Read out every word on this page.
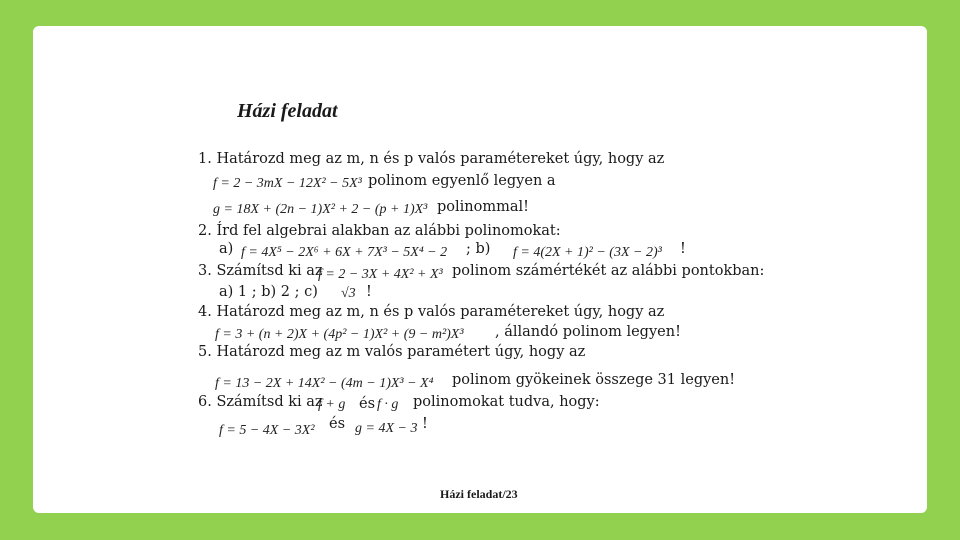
Házi feladat
1. Határozd meg az m, n és p valós paramétereket úgy, hogy az
f = 2 − 3mX − 12X² − 5X³ polinom egyenlő legyen a
g = 18X + (2n − 1)X² + 2 − (p + 1)X³ polinommal!
2. Írd fel algebrai alakban az alábbi polinomokat:
a) f = 4X⁵ − 2X⁶ + 6X + 7X³ − 5X⁴ − 2 ; b) f = 4(2X + 1)² − (3X − 2)³ !
3. Számítsd ki az
f = 2 − 3X + 4X² + X³ polinom számértékét az alábbi pontokban:
a) 1 ; b) 2 ; c) √3 !
4. Határozd meg az m, n és p valós paramétereket úgy, hogy az
f = 3 + (n + 2)X + (4p² − 1)X² + (9 − m²)X³ , állandó polinom legyen!
5. Határozd meg az m valós paramétert úgy, hogy az
f = 13 − 2X + 14X² − (4m − 1)X³ − X⁴ polinom gyökeinek összege 31 legyen!
6. Számítsd ki az
f + g és f · g polinomokat tudva, hogy:
f = 5 − 4X − 3X² és g = 4X − 3 !
Házi feladat/23
